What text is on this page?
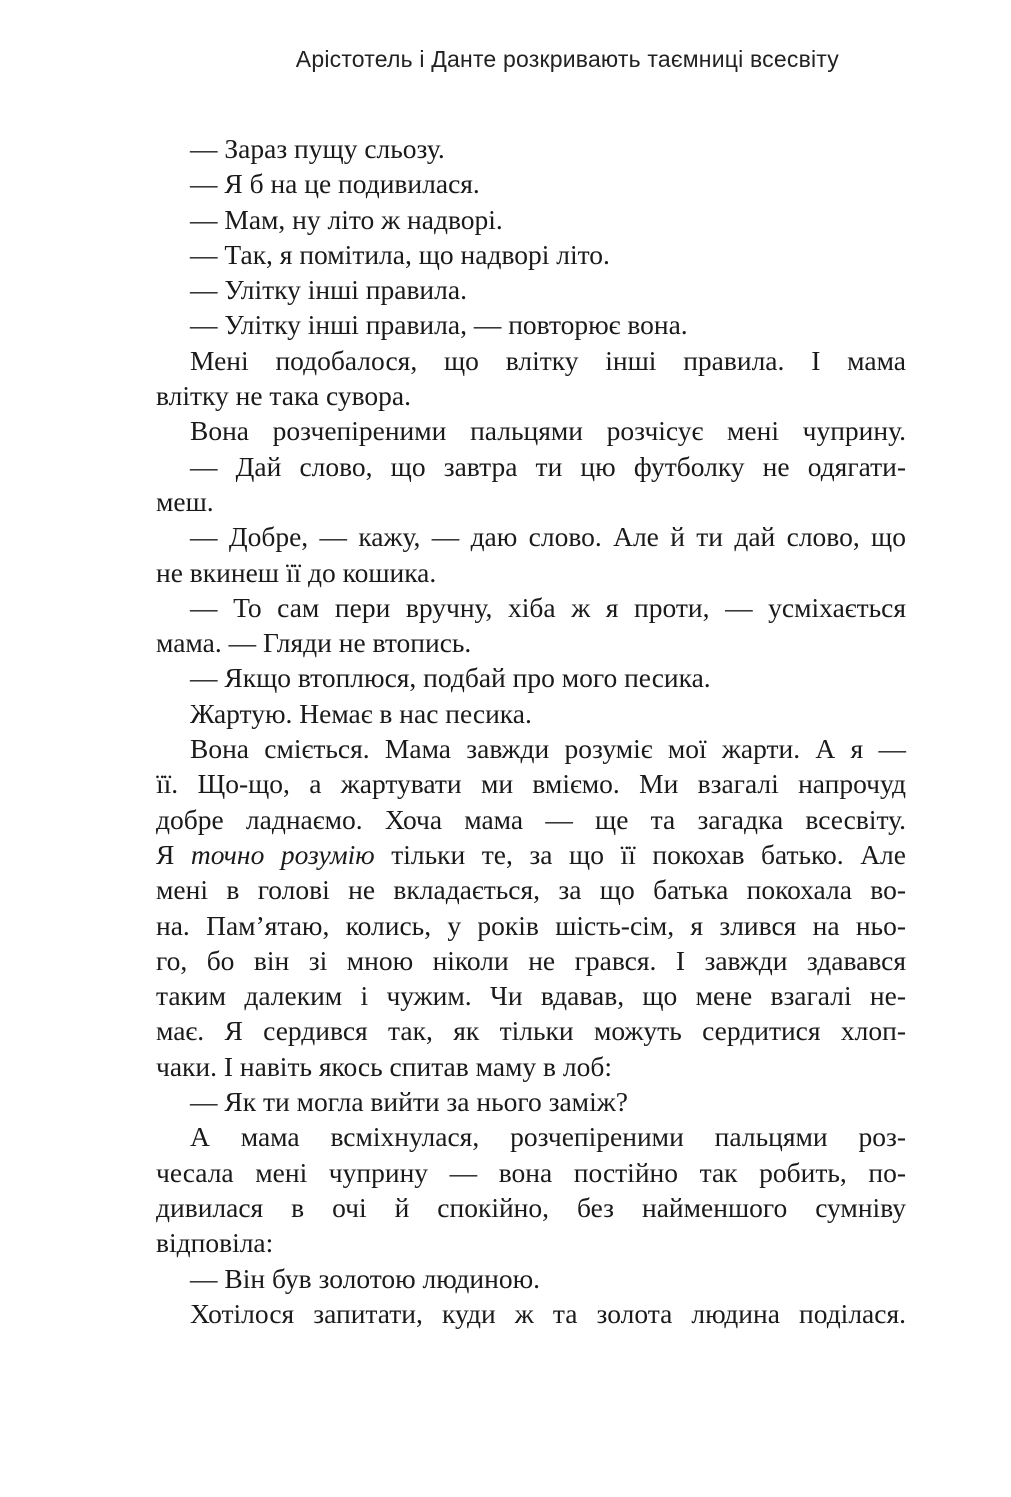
Арістотель і Данте розкривають таємниці всесвіту
— Зараз пущу сльозу.
— Я б на це подивилася.
— Мам, ну літо ж надворі.
— Так, я помітила, що надворі літо.
— Улітку інші правила.
— Улітку інші правила, — повторює вона.
Мені подобалося, що влітку інші правила. І мама
влітку не така сувора.
Вона розчепіреними пальцями розчісує мені чуприну.
— Дай слово, що завтра ти цю футболку не одягати-
меш.
— Добре, — кажу, — даю слово. Але й ти дай слово, що
не вкинеш її до кошика.
— То сам пери вручну, хіба ж я проти, — усміхається
мама. — Гляди не втопись.
— Якщо втоплюся, подбай про мого песика.
Жартую. Немає в нас песика.
Вона сміється. Мама завжди розуміє мої жарти. А я —
її. Що-що, а жартувати ми вміємо. Ми взагалі напрочуд
добре ладнаємо. Хоча мама — ще та загадка всесвіту.
Я точно розумію тільки те, за що її покохав батько. Але
мені в голові не вкладається, за що батька покохала во-
на. Пам’ятаю, колись, у років шість-сім, я злився на ньо-
го, бо він зі мною ніколи не грався. І завжди здавався
таким далеким і чужим. Чи вдавав, що мене взагалі не-
має. Я сердився так, як тільки можуть сердитися хлоп-
чаки. І навіть якось спитав маму в лоб:
— Як ти могла вийти за нього заміж?
А мама всміхнулася, розчепіреними пальцями роз-
чесала мені чуприну — вона постійно так робить, по-
дивилася в очі й спокійно, без найменшого сумніву
відповіла:
— Він був золотою людиною.
Хотілося запитати, куди ж та золота людина поділася.
